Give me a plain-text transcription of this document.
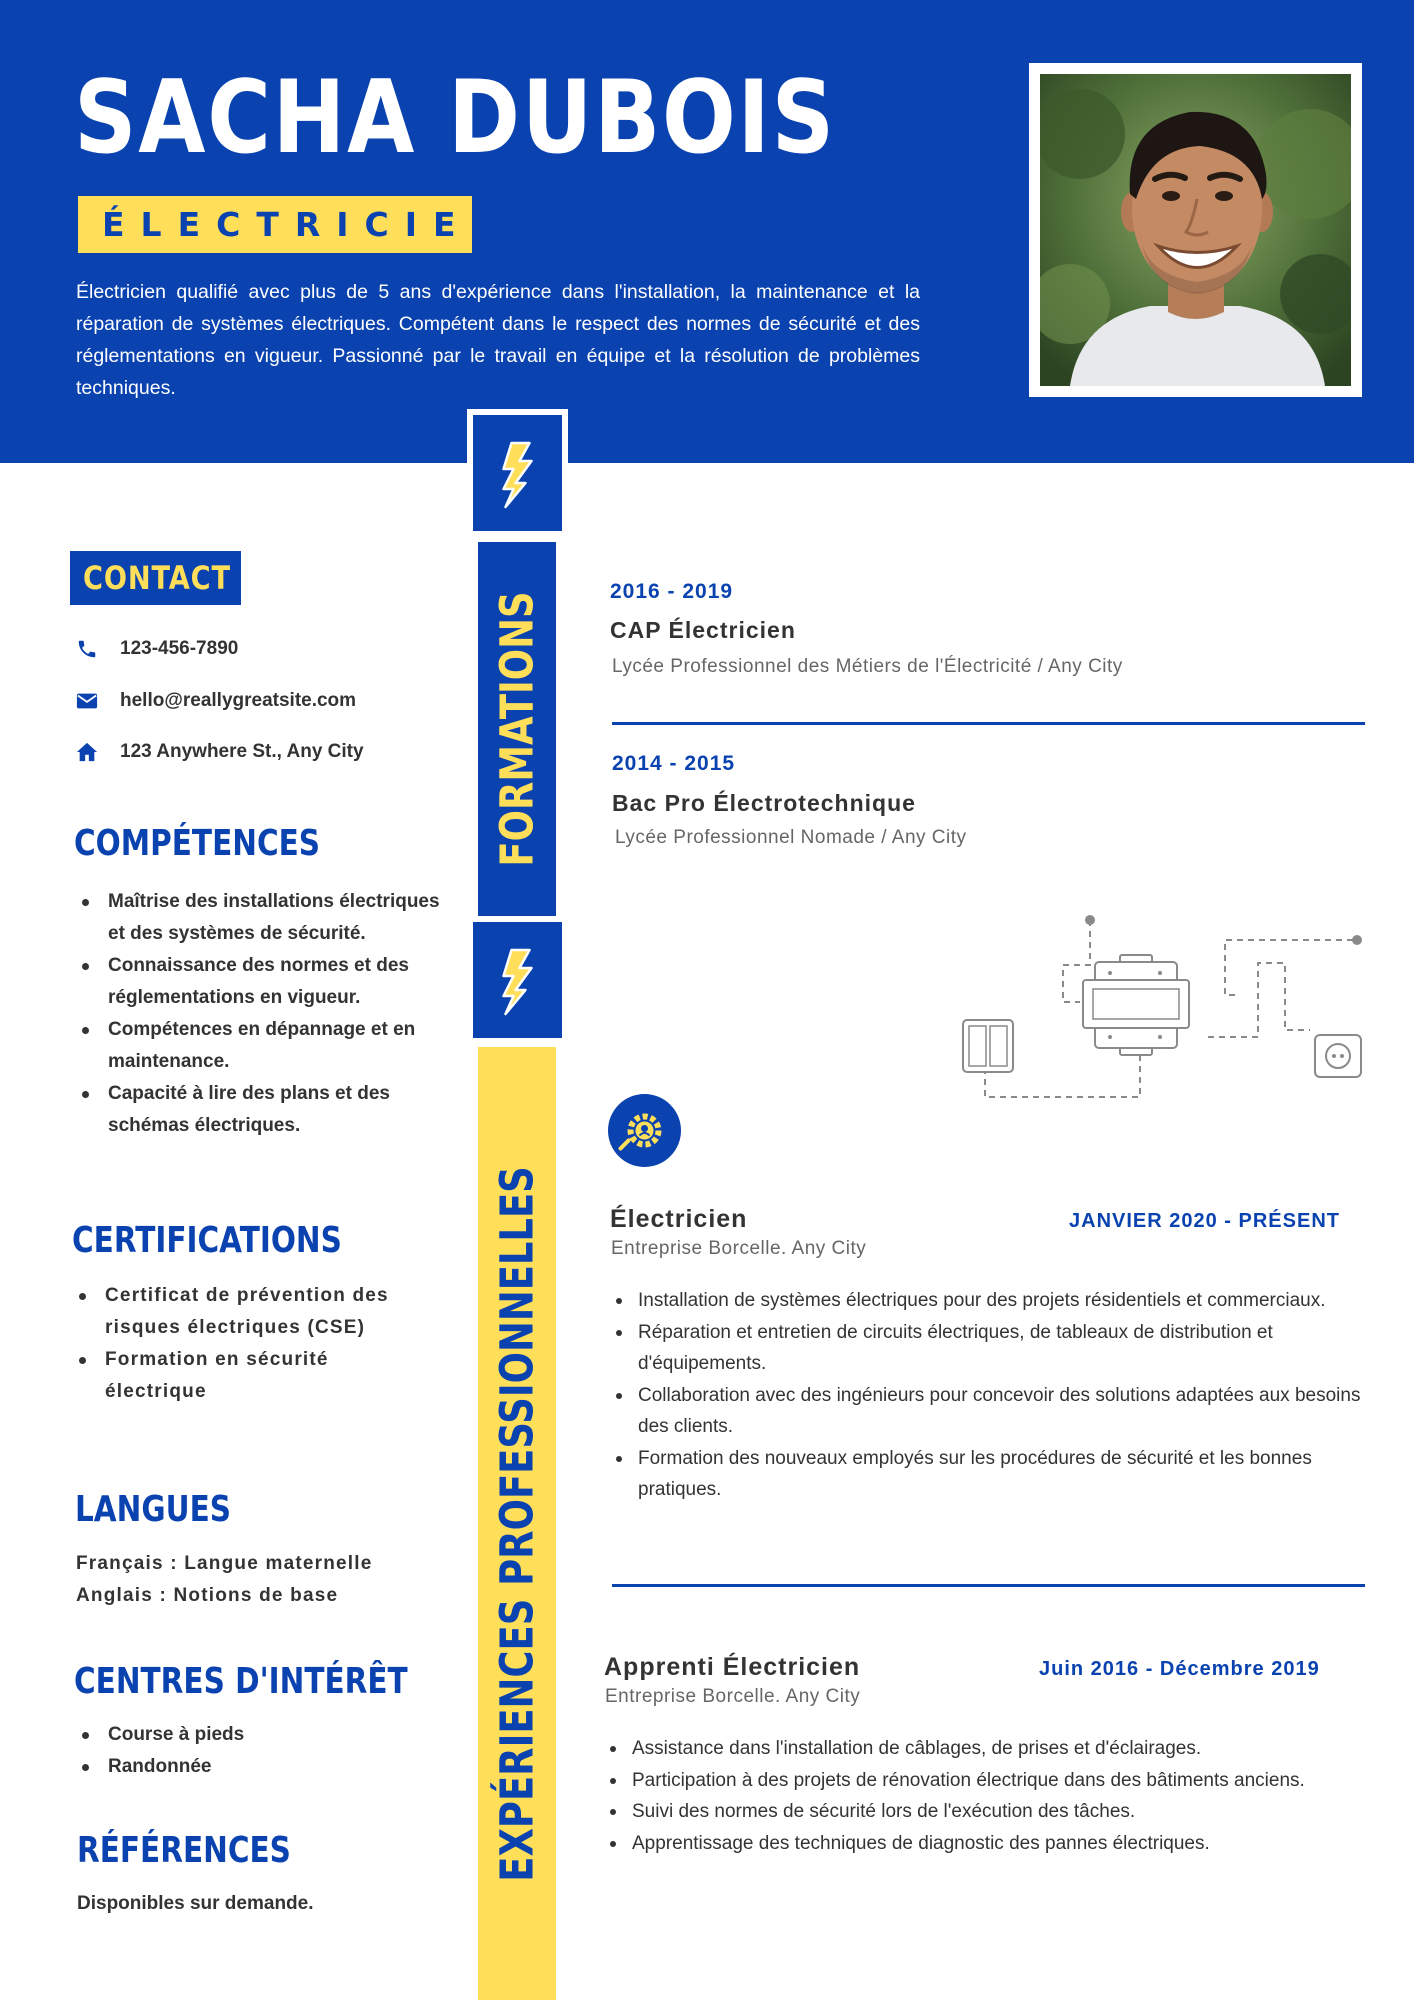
SACHA DUBOIS
ÉLECTRICIEN
Électricien qualifié avec plus de 5 ans d'expérience dans l'installation, la maintenance et la réparation de systèmes électriques. Compétent dans le respect des normes de sécurité et des réglementations en vigueur. Passionné par le travail en équipe et la résolution de problèmes techniques.
FORMATIONS
EXPÉRIENCES PROFESSIONNELLES
CONTACT
123-456-7890
hello@reallygreatsite.com
123 Anywhere St., Any City
COMPÉTENCES
Maîtrise des installations électriques et des systèmes de sécurité.
Connaissance des normes et des réglementations en vigueur.
Compétences en dépannage et en maintenance.
Capacité à lire des plans et des schémas électriques.
CERTIFICATIONS
Certificat de prévention des risques électriques (CSE)
Formation en sécurité électrique
LANGUES
Français : Langue maternelle
Anglais : Notions de base
CENTRES D'INTÉRÊT
Course à pieds
Randonnée
RÉFÉRENCES
Disponibles sur demande.
2016 - 2019
CAP Électricien
Lycée Professionnel des Métiers de l'Électricité / Any City
2014 - 2015
Bac Pro Électrotechnique
Lycée Professionnel Nomade / Any City
Électricien	JANVIER 2020 - PRÉSENT
Entreprise Borcelle. Any City
Installation de systèmes électriques pour des projets résidentiels et commerciaux.
Réparation et entretien de circuits électriques, de tableaux de distribution et d'équipements.
Collaboration avec des ingénieurs pour concevoir des solutions adaptées aux besoins des clients.
Formation des nouveaux employés sur les procédures de sécurité et les bonnes pratiques.
Apprenti Électricien	Juin 2016 - Décembre 2019
Entreprise Borcelle. Any City
Assistance dans l'installation de câblages, de prises et d'éclairages.
Participation à des projets de rénovation électrique dans des bâtiments anciens.
Suivi des normes de sécurité lors de l'exécution des tâches.
Apprentissage des techniques de diagnostic des pannes électriques.
